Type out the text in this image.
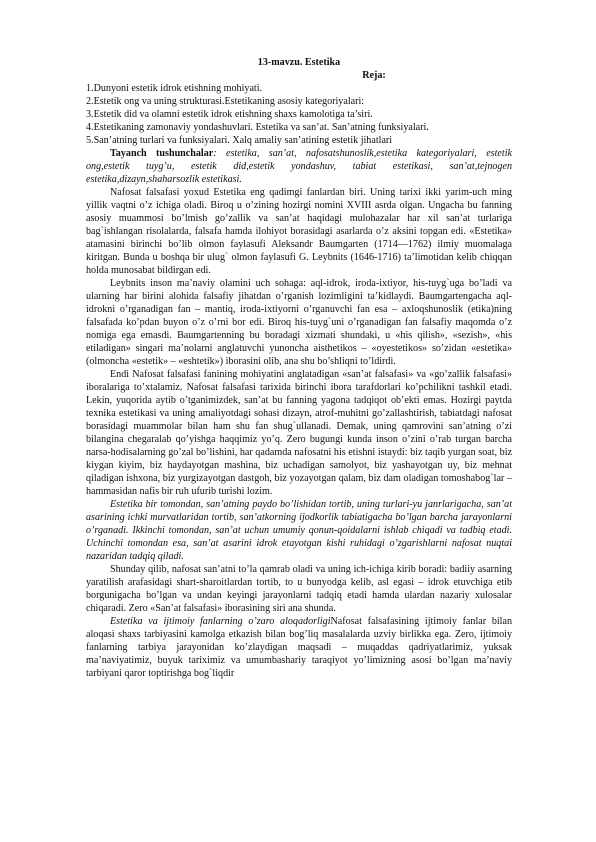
13-mavzu. Estetika
Reja:
1.Dunyoni estetik idrok etishning mohiyati.
2.Estetik ong va uning strukturasi.Estetikaning asosiy kategoriyalari:
3.Estetik did va olamni estetik idrok etishning shaxs kamolotiga ta’siri.
4.Estetikaning zamonaviy yondashuvlari. Estetika va san’at. San’atning funksiyalari.
5.San’atning turlari va funksiyalari. Xalq amaliy san’atining estetik jihatlari

Tayanch tushunchalar: estetika, san’at, nafosatshunoslik,estetika kategoriyalari, estetik ong,estetik tuyg’u, estetik did,estetik yondashuv, tabiat estetikasi, san’at,tejnogen estetika,dizayn,shaharsozlik estetikasi.

Nafosat falsafasi yoxud Estetika eng qadimgi fanlardan biri. Uning tarixi ikki yarim-uch ming yillik vaqtni o’z ichiga oladi. Biroq u o’zining hozirgi nomini XVIII asrda olgan. Ungacha bu fanning asosiy muammosi bo’lmish go’zallik va san’at haqidagi mulohazalar har xil san’at turlariga bag`ishlangan risolalarda, falsafa hamda ilohiyot borasidagi asarlarda o’z aksini topgan edi. «Estetika» atamasini birinchi bo’lib olmon faylasufi Aleksandr Baumgarten (1714—1762) ilmiy muomalaga kiritgan. Bunda u boshqa bir ulug` olmon faylasufi G. Leybnits (1646-1716) ta’limotidan kelib chiqqan holda munosabat bildirgan edi.

Leybnits inson ma’naviy olamini uch sohaga: aql-idrok, iroda-ixtiyor, his-tuyg`uga bo’ladi va ularning har birini alohida falsafiy jihatdan o’rganish lozimligini ta’kidlaydi. Baumgartengacha aql-idrokni o’rganadigan fan – mantiq, iroda-ixtiyorni o’rganuvchi fan esa – axloqshunoslik (etika)ning falsafada ko’pdan buyon o’z o’rni bor edi. Biroq his-tuyg`uni o’rganadigan fan falsafiy maqomda o’z nomiga ega emasdi. Baumgartenning bu boradagi xizmati shundaki, u «his qilish», «sezish», «his etiladigan» singari ma’nolarni anglatuvchi yunoncha aisthetikos – «oyestetikos» so’zidan «estetika» (olmoncha «estetik» – «eshtetik») iborasini olib, ana shu bo’shliqni to’ldirdi.

Endi Nafosat falsafasi fanining mohiyatini anglatadigan «san’at falsafasi» va «go’zallik falsafasi» iboralariga to’xtalamiz. Nafosat falsafasi tarixida birinchi ibora tarafdorlari ko’pchilikni tashkil etadi. Lekin, yuqorida aytib o’tganimizdek, san’at bu fanning yagona tadqiqot ob’ekti emas. Hozirgi paytda texnika estetikasi va uning amaliyotdagi sohasi dizayn, atrof-muhitni go’zallashtirish, tabiatdagi nafosat borasidagi muammolar bilan ham shu fan shug`ullanadi. Demak, uning qamrovini san’atning o’zi bilangina chegaralab qo’yishga haqqimiz yo’q. Zero bugungi kunda inson o’zini o’rab turgan barcha narsa-hodisalarning go’zal bo’lishini, har qadamda nafosatni his etishni istaydi: biz taqib yurgan soat, biz kiygan kiyim, biz haydayotgan mashina, biz uchadigan samolyot, biz yashayotgan uy, biz mehnat qiladigan ishxona, biz yurgizayotgan dastgoh, biz yozayotgan qalam, biz dam oladigan tomoshabog`lar – hammasidan nafis bir ruh ufurib turishi lozim.

Estetika bir tomondan, san’atning paydo bo’lishidan tortib, uning turlari-yu janrlarigacha, san’at asarining ichki murvatlaridan tortib, san’atkorning ijodkorlik tabiatigacha bo’lgan barcha jarayonlarni o’rganadi. Ikkinchi tomondan, san’at uchun umumiy qonun-qoidalarni ishlab chiqadi va tadbiq etadi. Uchinchi tomondan esa, san’at asarini idrok etayotgan kishi ruhidagi o’zgarishlarni nafosat nuqtai nazaridan tadqiq qiladi.

Shunday qilib, nafosat san’atni to’la qamrab oladi va uning ich-ichiga kirib boradi: badiiy asarning yaratilish arafasidagi shart-sharoitlardan tortib, to u bunyodga kelib, asl egasi – idrok etuvchiga etib borgunigacha bo’lgan va undan keyingi jarayonlarni tadqiq etadi hamda ulardan nazariy xulosalar chiqaradi. Zero «San’at falsafasi» iborasining siri ana shunda.

Estetika va ijtimoiy fanlarning o’zaro aloqadorligiNafosat falsafasining ijtimoiy fanlar bilan aloqasi shaxs tarbiyasini kamolga etkazish bilan bog’liq masalalarda uzviy birlikka ega. Zero, ijtimoiy fanlarning tarbiya jarayonidan ko’zlaydigan maqsadi – muqaddas qadriyatlarimiz, yuksak ma’naviyatimiz, buyuk tariximiz va umumbashariy taraqiyot yo’limizning asosi bo’lgan ma’naviy tarbiyani qaror toptirishga bog`liqdir
